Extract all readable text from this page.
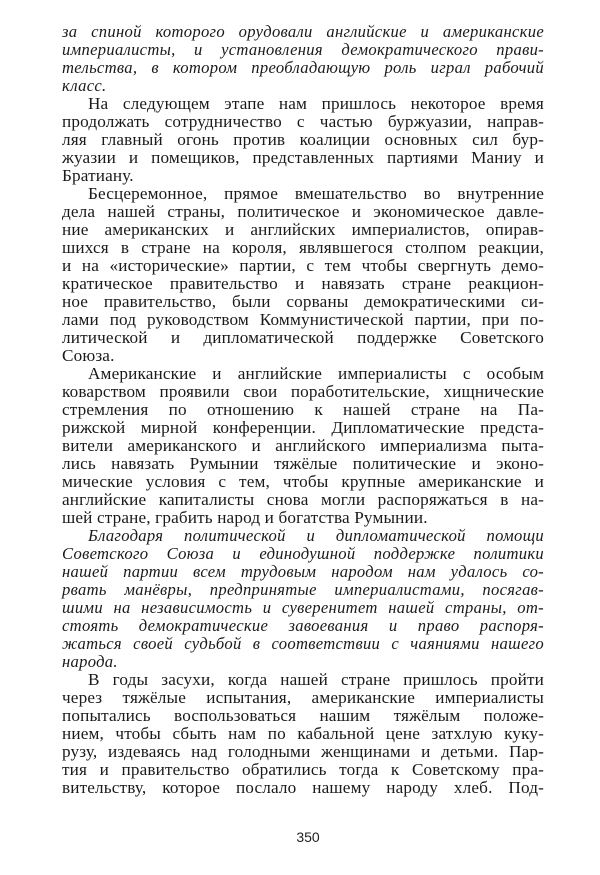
за спиной которого орудовали английские и американские
империалисты, и установления демократического прави-
тельства, в котором преобладающую роль играл рабочий
класс.
На следующем этапе нам пришлось некоторое время
продолжать сотрудничество с частью буржуазии, направ-
ляя главный огонь против коалиции основных сил бур-
жуазии и помещиков, представленных партиями Маниу и
Братиану.
Бесцеремонное, прямое вмешательство во внутренние
дела нашей страны, политическое и экономическое давле-
ние американских и английских империалистов, опирав-
шихся в стране на короля, являвшегося столпом реакции,
и на «исторические» партии, с тем чтобы свергнуть демо-
кратическое правительство и навязать стране реакцион-
ное правительство, были сорваны демократическими си-
лами под руководством Коммунистической партии, при по-
литической и дипломатической поддержке Советского
Союза.
Американские и английские империалисты с особым
коварством проявили свои поработительские, хищнические
стремления по отношению к нашей стране на Па-
рижской мирной конференции. Дипломатические предста-
вители американского и английского империализма пыта-
лись навязать Румынии тяжёлые политические и эконо-
мические условия с тем, чтобы крупные американские и
английские капиталисты снова могли распоряжаться в на-
шей стране, грабить народ и богатства Румынии.
Благодаря политической и дипломатической помощи
Советского Союза и единодушной поддержке политики
нашей партии всем трудовым народом нам удалось со-
рвать манёвры, предпринятые империалистами, посягав-
шими на независимость и суверенитет нашей страны, от-
стоять демократические завоевания и право распоря-
жаться своей судьбой в соответствии с чаяниями нашего
народа.
В годы засухи, когда нашей стране пришлось пройти
через тяжёлые испытания, американские империалисты
попытались воспользоваться нашим тяжёлым положе-
нием, чтобы сбыть нам по кабальной цене затхлую куку-
рузу, издеваясь над голодными женщинами и детьми. Пар-
тия и правительство обратились тогда к Советскому пра-
вительству, которое послало нашему народу хлеб. Под-
350
